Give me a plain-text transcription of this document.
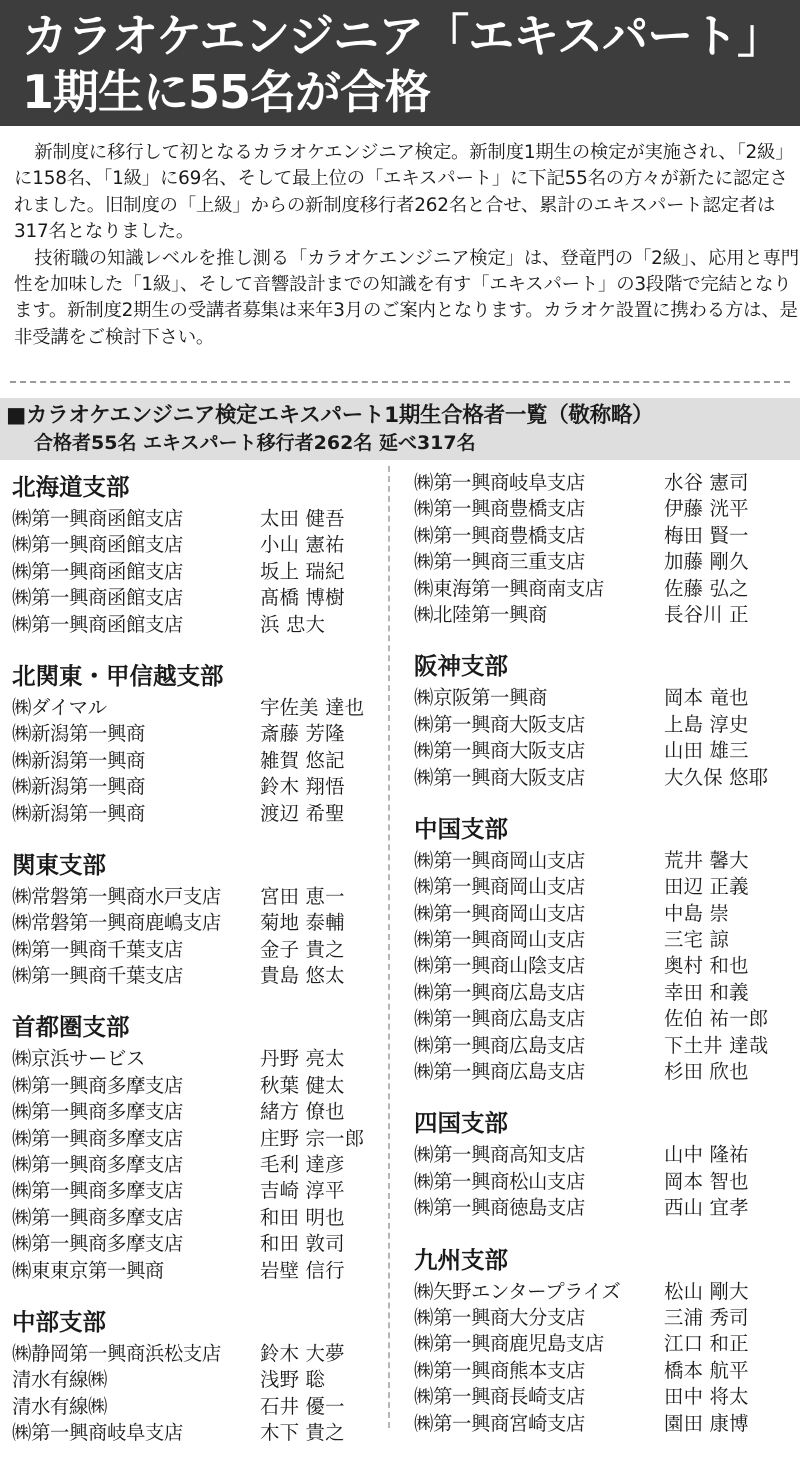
カラオケエンジニア「エキスパート」
1期生に55名が合格

新制度に移行して初となるカラオケエンジニア検定。新制度1期生の検定が実施され、「2級」に158名、「1級」に69名、そして最上位の「エキスパート」に下記55名の方々が新たに認定されました。旧制度の「上級」からの新制度移行者262名と合せ、累計のエキスパート認定者は317名となりました。

技術職の知識レベルを推し測る「カラオケエンジニア検定」は、登竜門の「2級」、応用と専門性を加味した「1級」、そして音響設計までの知識を有す「エキスパート」の3段階で完結となります。新制度2期生の受講者募集は来年3月のご案内となります。カラオケ設置に携わる方は、是非受講をご検討下さい。

■カラオケエンジニア検定エキスパート1期生合格者一覧（敬称略）
合格者55名 エキスパート移行者262名 延べ317名
北海道支部
㈱第一興商函館支店	太田 健吾
㈱第一興商函館支店	小山 憲祐
㈱第一興商函館支店	坂上 瑞紀
㈱第一興商函館支店	髙橋 博樹
㈱第一興商函館支店	浜 忠大
北関東・甲信越支部
㈱ダイマル	宇佐美 達也
㈱新潟第一興商	斎藤 芳隆
㈱新潟第一興商	雑賀 悠記
㈱新潟第一興商	鈴木 翔悟
㈱新潟第一興商	渡辺 希聖
関東支部
㈱常磐第一興商水戸支店	宮田 恵一
㈱常磐第一興商鹿嶋支店	菊地 泰輔
㈱第一興商千葉支店	金子 貴之
㈱第一興商千葉支店	貴島 悠太
首都圏支部
㈱京浜サービス	丹野 亮太
㈱第一興商多摩支店	秋葉 健太
㈱第一興商多摩支店	緒方 僚也
㈱第一興商多摩支店	庄野 宗一郎
㈱第一興商多摩支店	毛利 達彦
㈱第一興商多摩支店	吉崎 淳平
㈱第一興商多摩支店	和田 明也
㈱第一興商多摩支店	和田 敦司
㈱東東京第一興商	岩壁 信行
中部支部
㈱静岡第一興商浜松支店	鈴木 大夢
清水有線㈱	浅野 聡
清水有線㈱	石井 優一
㈱第一興商岐阜支店	木下 貴之
㈱第一興商岐阜支店	水谷 憲司
㈱第一興商豊橋支店	伊藤 洸平
㈱第一興商豊橋支店	梅田 賢一
㈱第一興商三重支店	加藤 剛久
㈱東海第一興商南支店	佐藤 弘之
㈱北陸第一興商	長谷川 正
阪神支部
㈱京阪第一興商	岡本 竜也
㈱第一興商大阪支店	上島 淳史
㈱第一興商大阪支店	山田 雄三
㈱第一興商大阪支店	大久保 悠耶
中国支部
㈱第一興商岡山支店	荒井 馨大
㈱第一興商岡山支店	田辺 正義
㈱第一興商岡山支店	中島 崇
㈱第一興商岡山支店	三宅 諒
㈱第一興商山陰支店	奥村 和也
㈱第一興商広島支店	幸田 和義
㈱第一興商広島支店	佐伯 祐一郎
㈱第一興商広島支店	下土井 達哉
㈱第一興商広島支店	杉田 欣也
四国支部
㈱第一興商高知支店	山中 隆祐
㈱第一興商松山支店	岡本 智也
㈱第一興商徳島支店	西山 宜孝
九州支部
㈱矢野エンタープライズ	松山 剛大
㈱第一興商大分支店	三浦 秀司
㈱第一興商鹿児島支店	江口 和正
㈱第一興商熊本支店	橋本 航平
㈱第一興商長崎支店	田中 将太
㈱第一興商宮崎支店	園田 康博
